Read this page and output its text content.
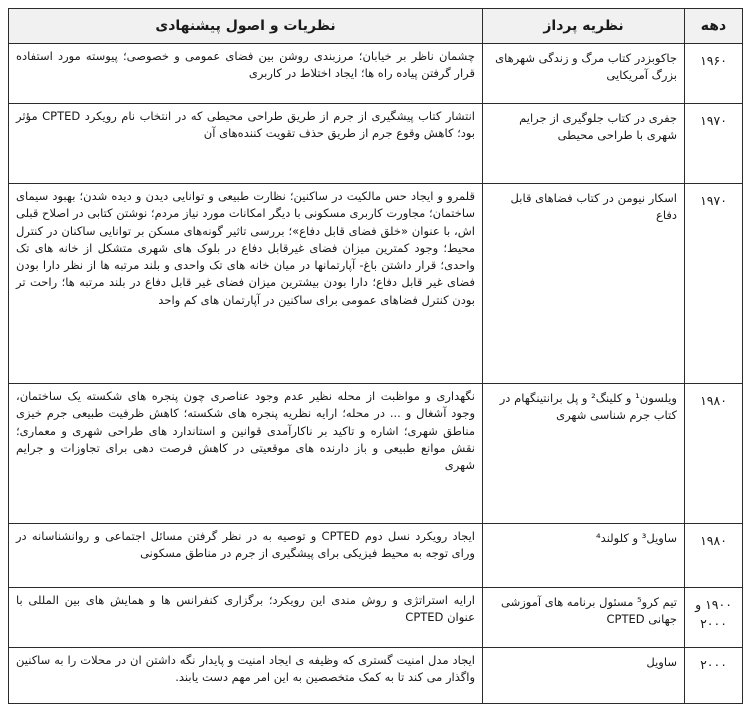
دهه	نظریه پرداز	نظریات و اصول پیشنهادی
۱۹۶۰	جاکوبزدر کتاب مرگ و زندگی شهرهای بزرگ آمریکایی	چشمان ناظر بر خیابان؛ مرزبندی روشن بین فضای عمومی و خصوصی؛ پیوسته مورد استفاده قرار گرفتن پیاده راه ها؛ ایجاد اختلاط در کاربری
۱۹۷۰	جفری در کتاب جلوگیری از جرایم شهری با طراحی محیطی	انتشار کتاب پیشگیری از جرم از طریق طراحی محیطی که در انتخاب نام رویکرد CPTED مؤثر بود؛ کاهش وقوع جرم از طریق حذف تقویت کننده‌های آن
۱۹۷۰	اسکار نیومن در کتاب فضاهای قابل دفاع	قلمرو و ایجاد حس مالکیت در ساکنین؛ نظارت طبیعی و توانایی دیدن و دیده شدن؛ بهبود سیمای ساختمان؛ مجاورت کاربری مسکونی با دیگر امکانات مورد نیاز مردم؛ نوشتن کتابی در اصلاح قبلی اش، با عنوان «خلق فضای قابل دفاع»؛ بررسی تاثیر گونه‌های مسکن بر توانایی ساکنان در کنترل محیط؛ وجود کمترین میزان فضای غیرقابل دفاع در بلوک های شهری متشکل از خانه های تک واحدی؛ قرار داشتن باغ- آپارتمانها در میان خانه های تک واحدی و بلند مرتبه ها از نظر دارا بودن فضای غیر قابل دفاع؛ دارا بودن بیشترین میزان فضای غیر قابل دفاع در بلند مرتبه ها؛ راحت تر بودن کنترل فضاهای عمومی برای ساکنین در آپارتمان های کم واحد
۱۹۸۰	ویلسون¹ و کلینگ² و پل برانتینگهام در کتاب جرم شناسی شهری	نگهداری و مواظبت از محله نظیر عدم وجود عناصری چون پنجره های شکسته یک ساختمان، وجود آشغال و ... در محله؛ ارایه نظریه پنجره های شکسته؛ کاهش ظرفیت طبیعی جرم خیزی مناطق شهری؛ اشاره و تاکید بر ناکارآمدی قوانین و استاندارد های طراحی شهری و معماری؛ نقش موانع طبیعی و باز دارنده های موقعیتی در کاهش فرصت دهی برای تجاوزات و جرایم شهری
۱۹۸۰	ساویل³ و کلولند⁴	ایجاد رویکرد نسل دوم CPTED و توصیه به در نظر گرفتن مسائل اجتماعی و روانشناسانه در ورای توجه به محیط فیزیکی برای پیشگیری از جرم در مناطق مسکونی
۱۹۰۰ و ۲۰۰۰	تیم کرو⁵ مسئول برنامه های آموزشی جهانی CPTED	ارایه استراتژی و روش مندی این رویکرد؛ برگزاری کنفرانس ها و همایش های بین المللی با عنوان CPTED
۲۰۰۰	ساویل	ایجاد مدل امنیت گستری که وظیفه ی ایجاد امنیت و پایدار نگه داشتن ان در محلات را به ساکنین واگذار می کند تا به کمک متخصصین به این امر مهم دست یابند.
